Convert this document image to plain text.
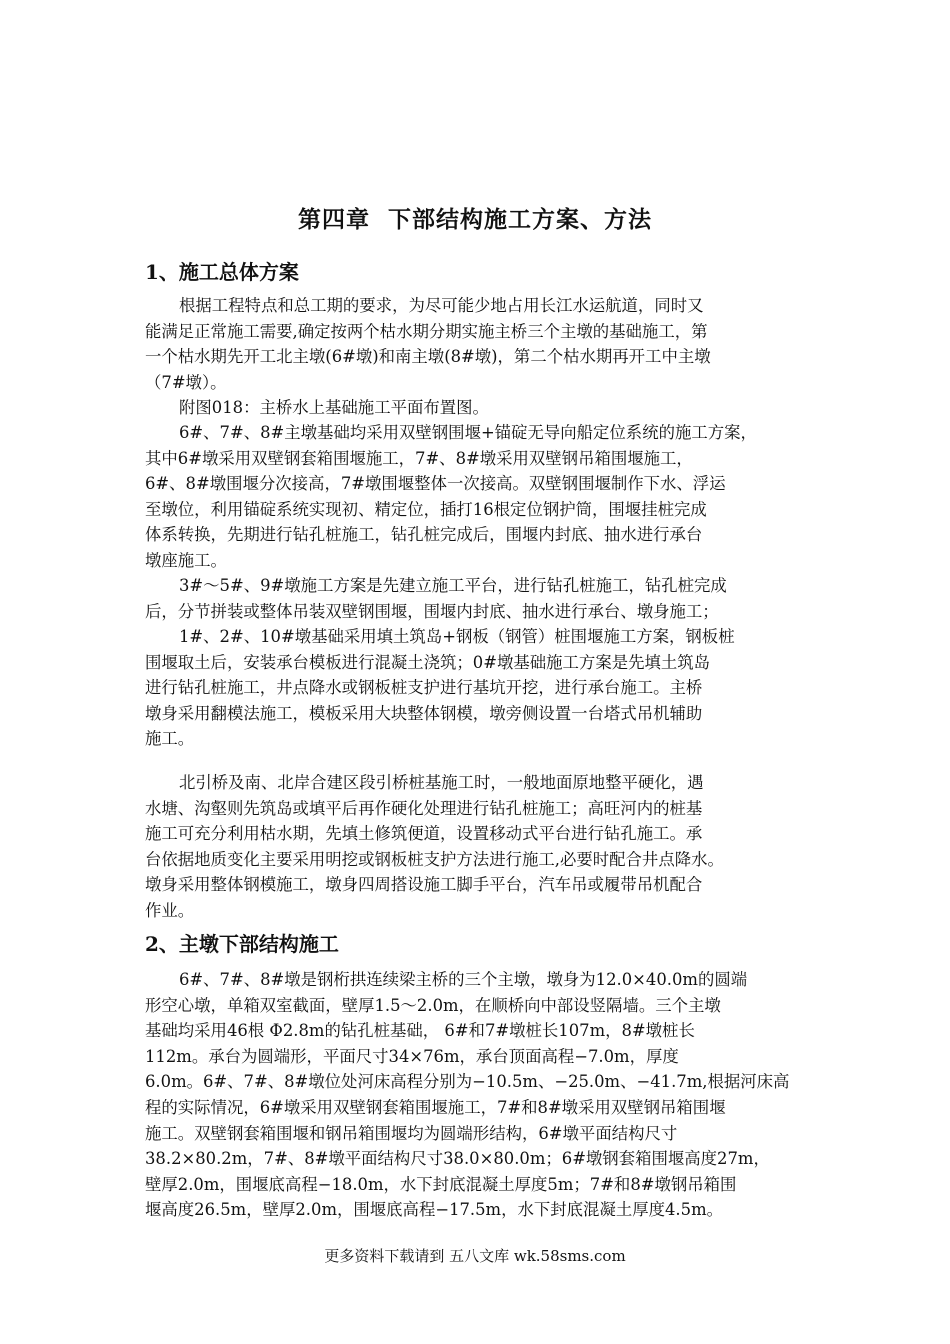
第四章  下部结构施工方案、方法
1、施工总体方案
根据工程特点和总工期的要求，为尽可能少地占用长江水运航道，同时又
能满足正常施工需要,确定按两个枯水期分期实施主桥三个主墩的基础施工，第
一个枯水期先开工北主墩(6#墩)和南主墩(8#墩)，第二个枯水期再开工中主墩
（7#墩）。
附图018：主桥水上基础施工平面布置图。
6#、7#、8#主墩基础均采用双壁钢围堰+锚碇无导向船定位系统的施工方案，
其中6#墩采用双壁钢套箱围堰施工，7#、8#墩采用双壁钢吊箱围堰施工，
6#、8#墩围堰分次接高，7#墩围堰整体一次接高。双壁钢围堰制作下水、浮运
至墩位，利用锚碇系统实现初、精定位，插打16根定位钢护筒，围堰挂桩完成
体系转换，先期进行钻孔桩施工，钻孔桩完成后，围堰内封底、抽水进行承台
墩座施工。
3#～5#、9#墩施工方案是先建立施工平台，进行钻孔桩施工，钻孔桩完成
后，分节拼装或整体吊装双壁钢围堰，围堰内封底、抽水进行承台、墩身施工；
1#、2#、10#墩基础采用填土筑岛+钢板（钢管）桩围堰施工方案，钢板桩
围堰取土后，安装承台模板进行混凝土浇筑；0#墩基础施工方案是先填土筑岛
进行钻孔桩施工，井点降水或钢板桩支护进行基坑开挖，进行承台施工。主桥
墩身采用翻模法施工，模板采用大块整体钢模，墩旁侧设置一台塔式吊机辅助
施工。
北引桥及南、北岸合建区段引桥桩基施工时，一般地面原地整平硬化，遇
水塘、沟壑则先筑岛或填平后再作硬化处理进行钻孔桩施工；高旺河内的桩基
施工可充分利用枯水期，先填土修筑便道，设置移动式平台进行钻孔施工。承
台依据地质变化主要采用明挖或钢板桩支护方法进行施工,必要时配合井点降水。
墩身采用整体钢模施工，墩身四周搭设施工脚手平台，汽车吊或履带吊机配合
作业。
2、主墩下部结构施工
6#、7#、8#墩是钢桁拱连续梁主桥的三个主墩，墩身为12.0×40.0m的圆端
形空心墩，单箱双室截面，壁厚1.5～2.0m，在顺桥向中部设竖隔墙。三个主墩
基础均采用46根 Φ2.8m的钻孔桩基础， 6#和7#墩桩长107m，8#墩桩长
112m。承台为圆端形，平面尺寸34×76m，承台顶面高程−7.0m，厚度
6.0m。6#、7#、8#墩位处河床高程分别为−10.5m、−25.0m、−41.7m,根据河床高
程的实际情况，6#墩采用双壁钢套箱围堰施工，7#和8#墩采用双壁钢吊箱围堰
施工。双壁钢套箱围堰和钢吊箱围堰均为圆端形结构，6#墩平面结构尺寸
38.2×80.2m，7#、8#墩平面结构尺寸38.0×80.0m；6#墩钢套箱围堰高度27m，
壁厚2.0m，围堰底高程−18.0m，水下封底混凝土厚度5m；7#和8#墩钢吊箱围
堰高度26.5m，壁厚2.0m，围堰底高程−17.5m，水下封底混凝土厚度4.5m。
更多资料下载请到 五八文库 wk.58sms.com
